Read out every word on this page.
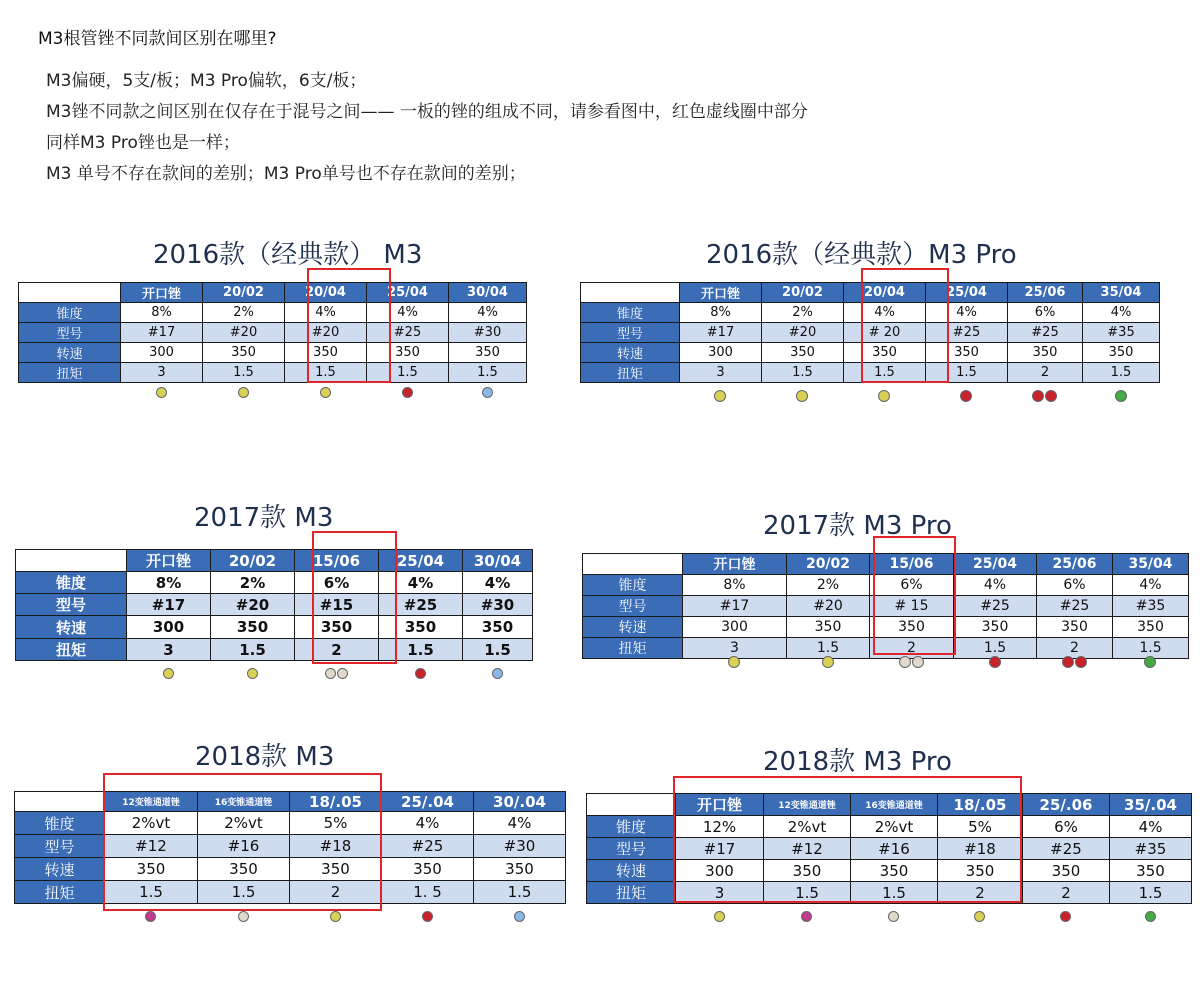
M3根管锉不同款间区别在哪里?
M3偏硬，5支/板；M3 Pro偏软，6支/板；
M3锉不同款之间区别在仅存在于混号之间—— 一板的锉的组成不同，请参看图中，红色虚线圈中部分
同样M3 Pro锉也是一样；
M3 单号不存在款间的差别；M3 Pro单号也不存在款间的差别；
2016款（经典款） M3
	开口锉	20/02	20/04	25/04	30/04
锥度	8%	2%	4%	4%	4%
型号	#17	#20	#20	#25	#30
转速	300	350	350	350	350
扭矩	3	1.5	1.5	1.5	1.5
2016款（经典款）M3 Pro
	开口锉	20/02	20/04	25/04	25/06	35/04
锥度	8%	2%	4%	4%	6%	4%
型号	#17	#20	# 20	#25	#25	#35
转速	300	350	350	350	350	350
扭矩	3	1.5	1.5	1.5	2	1.5
2017款 M3
	开口锉	20/02	15/06	25/04	30/04
锥度	8%	2%	6%	4%	4%
型号	#17	#20	#15	#25	#30
转速	300	350	350	350	350
扭矩	3	1.5	2	1.5	1.5
2017款 M3 Pro
	开口锉	20/02	15/06	25/04	25/06	35/04
锥度	8%	2%	6%	4%	6%	4%
型号	#17	#20	# 15	#25	#25	#35
转速	300	350	350	350	350	350
扭矩	3	1.5	2	1.5	2	1.5
2018款 M3
	12变锥通道锉	16变锥通道锉	18/.05	25/.04	30/.04
锥度	2%vt	2%vt	5%	4%	4%
型号	#12	#16	#18	#25	#30
转速	350	350	350	350	350
扭矩	1.5	1.5	2	1. 5	1.5
2018款 M3 Pro
	开口锉	12变锥通道锉	16变锥通道锉	18/.05	25/.06	35/.04
锥度	12%	2%vt	2%vt	5%	6%	4%
型号	#17	#12	#16	#18	#25	#35
转速	300	350	350	350	350	350
扭矩	3	1.5	1.5	2	2	1.5
